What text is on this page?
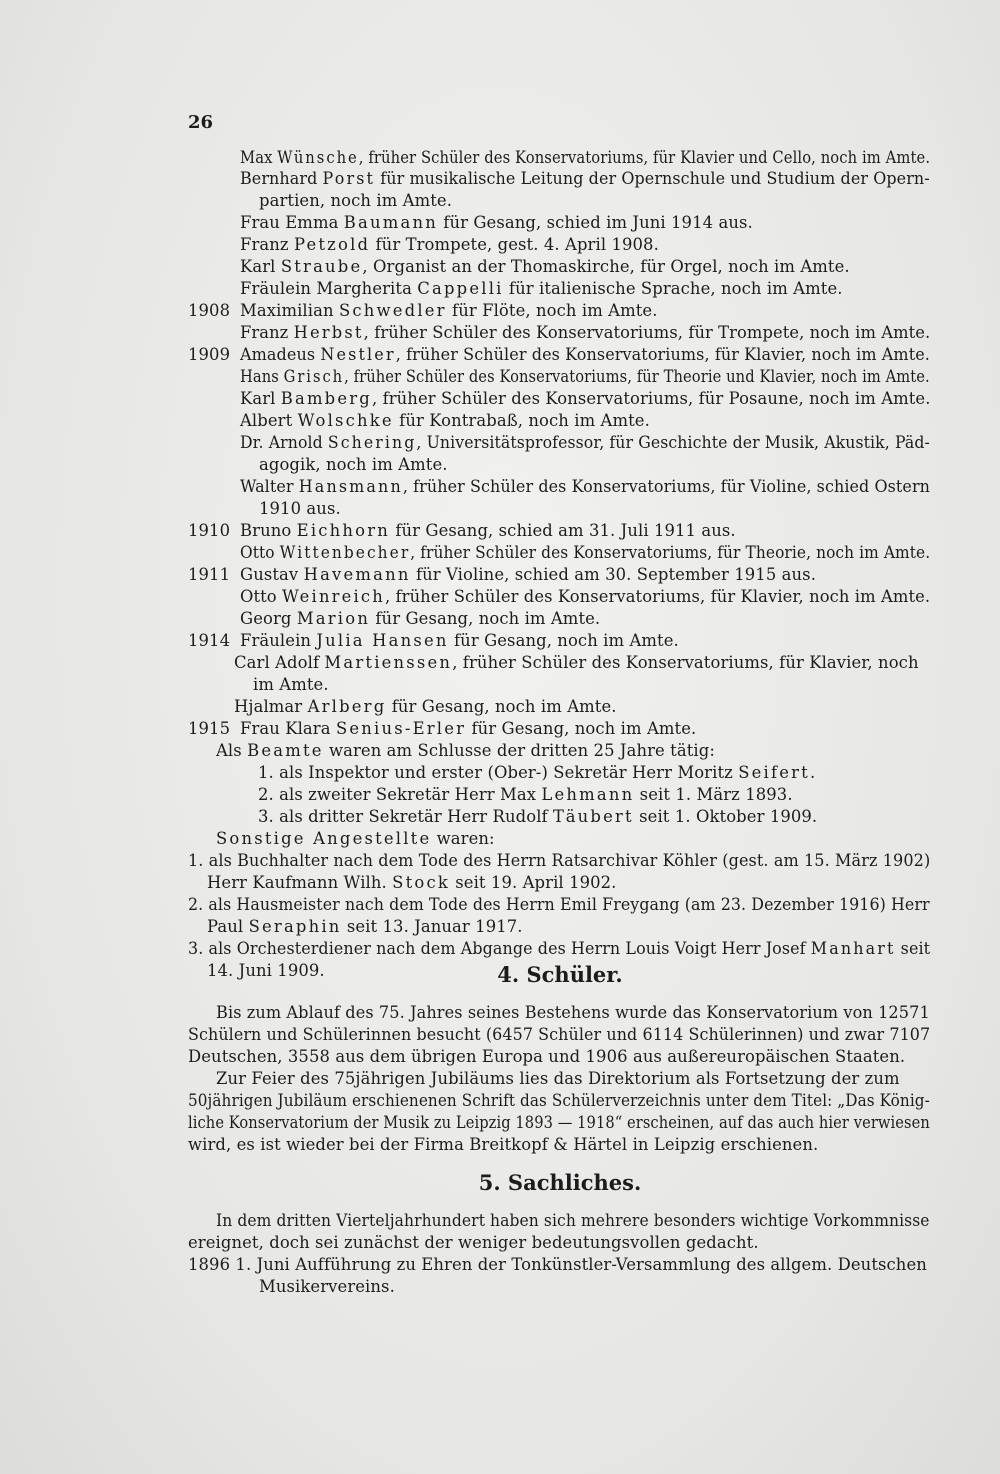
26
Max Wünsche, früher Schüler des Konservatoriums, für Klavier und Cello, noch im Amte.
Bernhard Porst für musikalische Leitung der Opernschule und Studium der Opern-
partien, noch im Amte.
Frau Emma Baumann für Gesang, schied im Juni 1914 aus.
Franz Petzold für Trompete, gest. 4. April 1908.
Karl Straube, Organist an der Thomaskirche, für Orgel, noch im Amte.
Fräulein Margherita Cappelli für italienische Sprache, noch im Amte.
1908 Maximilian Schwedler für Flöte, noch im Amte.
Franz Herbst, früher Schüler des Konservatoriums, für Trompete, noch im Amte.
1909 Amadeus Nestler, früher Schüler des Konservatoriums, für Klavier, noch im Amte.
Hans Grisch, früher Schüler des Konservatoriums, für Theorie und Klavier, noch im Amte.
Karl Bamberg, früher Schüler des Konservatoriums, für Posaune, noch im Amte.
Albert Wolschke für Kontrabaß, noch im Amte.
Dr. Arnold Schering, Universitätsprofessor, für Geschichte der Musik, Akustik, Päd-
agogik, noch im Amte.
Walter Hansmann, früher Schüler des Konservatoriums, für Violine, schied Ostern
1910 aus.
1910 Bruno Eichhorn für Gesang, schied am 31. Juli 1911 aus.
Otto Wittenbecher, früher Schüler des Konservatoriums, für Theorie, noch im Amte.
1911 Gustav Havemann für Violine, schied am 30. September 1915 aus.
Otto Weinreich, früher Schüler des Konservatoriums, für Klavier, noch im Amte.
Georg Marion für Gesang, noch im Amte.
1914 Fräulein Julia Hansen für Gesang, noch im Amte.
Carl Adolf Martienssen, früher Schüler des Konservatoriums, für Klavier, noch
im Amte.
Hjalmar Arlberg für Gesang, noch im Amte.
1915 Frau Klara Senius-Erler für Gesang, noch im Amte.
Als Beamte waren am Schlusse der dritten 25 Jahre tätig:
1. als Inspektor und erster (Ober-) Sekretär Herr Moritz Seifert.
2. als zweiter Sekretär Herr Max Lehmann seit 1. März 1893.
3. als dritter Sekretär Herr Rudolf Täubert seit 1. Oktober 1909.
Sonstige Angestellte waren:
1. als Buchhalter nach dem Tode des Herrn Ratsarchivar Köhler (gest. am 15. März 1902)
Herr Kaufmann Wilh. Stock seit 19. April 1902.
2. als Hausmeister nach dem Tode des Herrn Emil Freygang (am 23. Dezember 1916) Herr
Paul Seraphin seit 13. Januar 1917.
3. als Orchesterdiener nach dem Abgange des Herrn Louis Voigt Herr Josef Manhart seit
14. Juni 1909.	4. Schüler.
Bis zum Ablauf des 75. Jahres seines Bestehens wurde das Konservatorium von 12571
Schülern und Schülerinnen besucht (6457 Schüler und 6114 Schülerinnen) und zwar 7107
Deutschen, 3558 aus dem übrigen Europa und 1906 aus außereuropäischen Staaten.
Zur Feier des 75jährigen Jubiläums lies das Direktorium als Fortsetzung der zum
50jährigen Jubiläum erschienenen Schrift das Schülerverzeichnis unter dem Titel: „Das König-
liche Konservatorium der Musik zu Leipzig 1893 — 1918“ erscheinen, auf das auch hier verwiesen
wird, es ist wieder bei der Firma Breitkopf & Härtel in Leipzig erschienen.
5. Sachliches.
In dem dritten Vierteljahrhundert haben sich mehrere besonders wichtige Vorkommnisse
ereignet, doch sei zunächst der weniger bedeutungsvollen gedacht.
1896 1. Juni Aufführung zu Ehren der Tonkünstler-Versammlung des allgem. Deutschen
Musikervereins.
